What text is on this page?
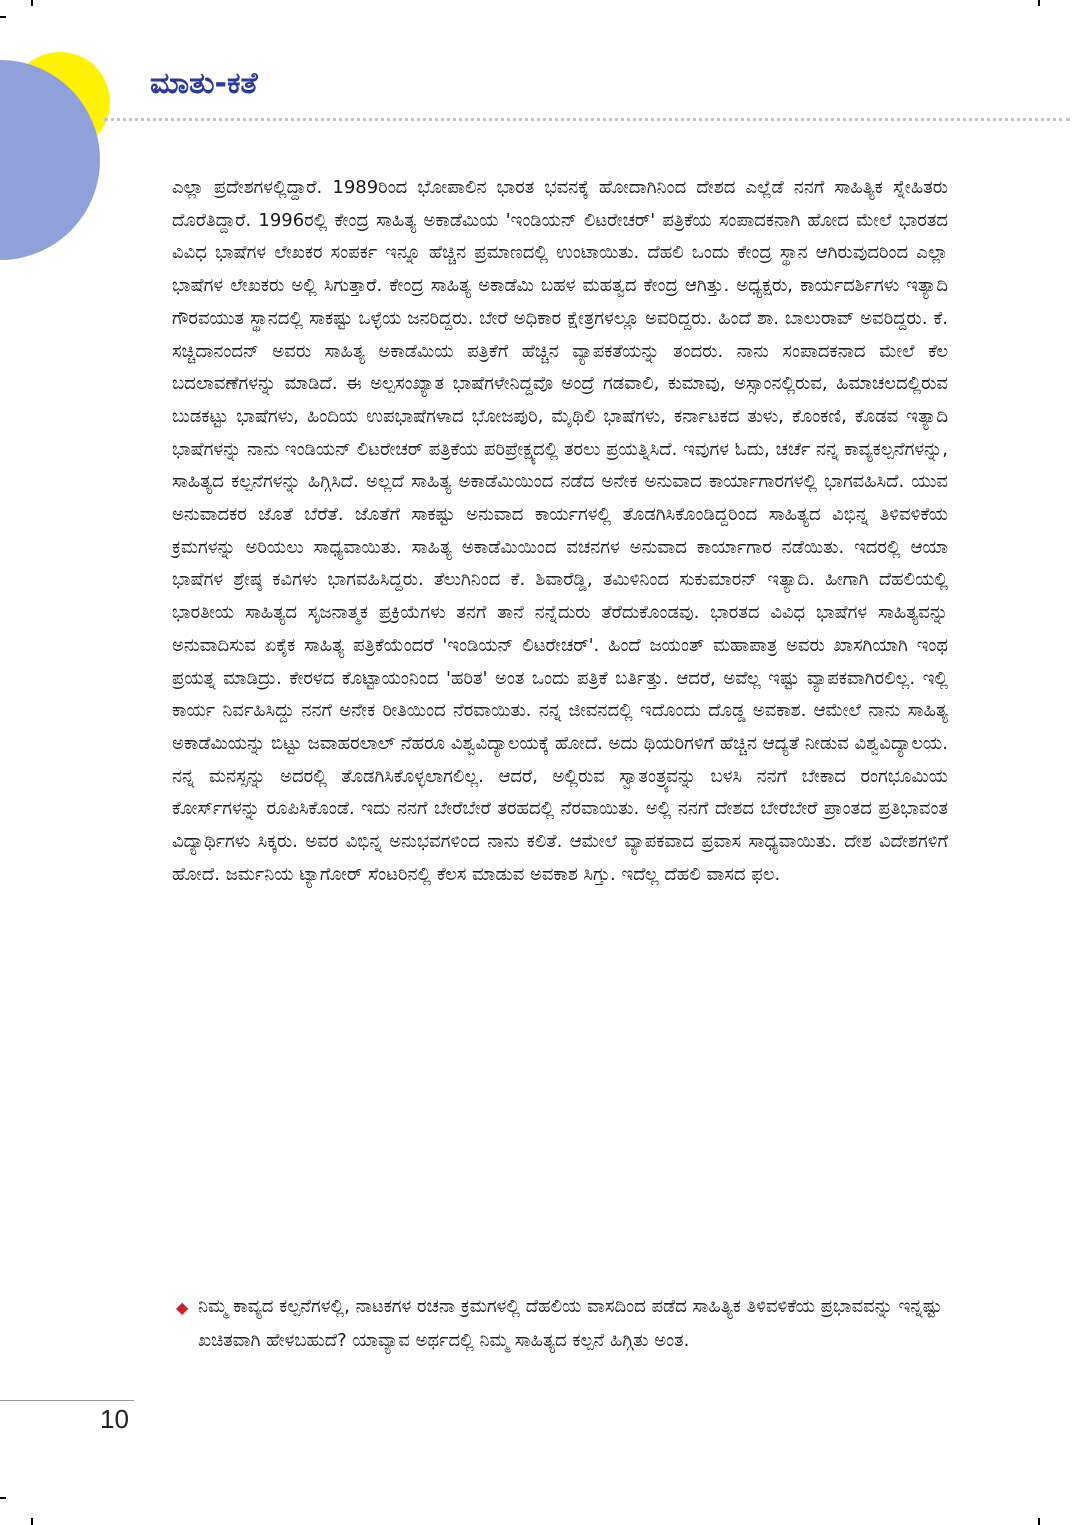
ಮಾತು-ಕತೆ

ಎಲ್ಲಾ ಪ್ರದೇಶಗಳಲ್ಲಿದ್ದಾರೆ. 1989ರಿಂದ ಭೋಪಾಲಿನ ಭಾರತ ಭವನಕ್ಕೆ ಹೋದಾಗಿನಿಂದ ದೇಶದ ಎಲ್ಲೆಡೆ ನನಗೆ ಸಾಹಿತ್ಯಿಕ ಸ್ನೇಹಿತರು ದೊರೆತಿದ್ದಾರೆ. 1996ರಲ್ಲಿ ಕೇಂದ್ರ ಸಾಹಿತ್ಯ ಅಕಾಡೆಮಿಯ 'ಇಂಡಿಯನ್ ಲಿಟರೇಚರ್' ಪತ್ರಿಕೆಯ ಸಂಪಾದಕನಾಗಿ ಹೋದ ಮೇಲೆ ಭಾರತದ ವಿವಿಧ ಭಾಷೆಗಳ ಲೇಖಕರ ಸಂಪರ್ಕ ಇನ್ನೂ ಹೆಚ್ಚಿನ ಪ್ರಮಾಣದಲ್ಲಿ ಉಂಟಾಯಿತು. ದೆಹಲಿ ಒಂದು ಕೇಂದ್ರ ಸ್ಥಾನ ಆಗಿರುವುದರಿಂದ ಎಲ್ಲಾ ಭಾಷೆಗಳ ಲೇಖಕರು ಅಲ್ಲಿ ಸಿಗುತ್ತಾರೆ. ಕೇಂದ್ರ ಸಾಹಿತ್ಯ ಅಕಾಡೆಮಿ ಬಹಳ ಮಹತ್ವದ ಕೇಂದ್ರ ಆಗಿತ್ತು. ಅಧ್ಯಕ್ಷರು, ಕಾರ್ಯದರ್ಶಿಗಳು ಇತ್ಯಾದಿ ಗೌರವಯುತ ಸ್ಥಾನದಲ್ಲಿ ಸಾಕಷ್ಟು ಒಳ್ಳೆಯ ಜನರಿದ್ದರು. ಬೇರೆ ಅಧಿಕಾರ ಕ್ಷೇತ್ರಗಳಲ್ಲೂ ಅವರಿದ್ದರು. ಹಿಂದೆ ಶಾ. ಬಾಲುರಾವ್ ಅವರಿದ್ದರು. ಕೆ. ಸಚ್ಚಿದಾನಂದನ್ ಅವರು ಸಾಹಿತ್ಯ ಅಕಾಡೆಮಿಯ ಪತ್ರಿಕೆಗೆ ಹೆಚ್ಚಿನ ವ್ಯಾಪಕತೆಯನ್ನು ತಂದರು. ನಾನು ಸಂಪಾದಕನಾದ ಮೇಲೆ ಕೆಲ ಬದಲಾವಣೆಗಳನ್ನು ಮಾಡಿದೆ. ಈ ಅಲ್ಪಸಂಖ್ಯಾತ ಭಾಷೆಗಳೇನಿದ್ದವೊ ಅಂದ್ರೆ ಗಡವಾಲಿ, ಕುಮಾವು, ಅಸ್ಸಾಂನಲ್ಲಿರುವ, ಹಿಮಾಚಲದಲ್ಲಿರುವ ಬುಡಕಟ್ಟು ಭಾಷೆಗಳು, ಹಿಂದಿಯ ಉಪಭಾಷೆಗಳಾದ ಭೋಜಪುರಿ, ಮೈಥಿಲಿ ಭಾಷೆಗಳು, ಕರ್ನಾಟಕದ ತುಳು, ಕೊಂಕಣಿ, ಕೊಡವ ಇತ್ಯಾದಿ ಭಾಷೆಗಳನ್ನು ನಾನು ಇಂಡಿಯನ್ ಲಿಟರೇಚರ್ ಪತ್ರಿಕೆಯ ಪರಿಪ್ರೇಕ್ಷ್ಯದಲ್ಲಿ ತರಲು ಪ್ರಯತ್ನಿಸಿದೆ. ಇವುಗಳ ಓದು, ಚರ್ಚೆ ನನ್ನ ಕಾವ್ಯಕಲ್ಪನೆಗಳನ್ನು, ಸಾಹಿತ್ಯದ ಕಲ್ಪನೆಗಳನ್ನು ಹಿಗ್ಗಿಸಿದೆ. ಅಲ್ಲದೆ ಸಾಹಿತ್ಯ ಅಕಾಡೆಮಿಯಿಂದ ನಡೆದ ಅನೇಕ ಅನುವಾದ ಕಾರ್ಯಾಗಾರಗಳಲ್ಲಿ ಭಾಗವಹಿಸಿದೆ. ಯುವ ಅನುವಾದಕರ ಜೊತೆ ಬೆರೆತೆ. ಜೊತೆಗೆ ಸಾಕಷ್ಟು ಅನುವಾದ ಕಾರ್ಯಗಳಲ್ಲಿ ತೊಡಗಿಸಿಕೊಂಡಿದ್ದರಿಂದ ಸಾಹಿತ್ಯದ ವಿಭಿನ್ನ ತಿಳಿವಳಿಕೆಯ ಕ್ರಮಗಳನ್ನು ಅರಿಯಲು ಸಾಧ್ಯವಾಯಿತು. ಸಾಹಿತ್ಯ ಅಕಾಡೆಮಿಯಿಂದ ವಚನಗಳ ಅನುವಾದ ಕಾರ್ಯಾಗಾರ ನಡೆಯಿತು. ಇದರಲ್ಲಿ ಆಯಾ ಭಾಷೆಗಳ ಶ್ರೇಷ್ಠ ಕವಿಗಳು ಭಾಗವಹಿಸಿದ್ದರು. ತೆಲುಗಿನಿಂದ ಕೆ. ಶಿವಾರೆಡ್ಡಿ, ತಮಿಳಿನಿಂದ ಸುಕುಮಾರನ್ ಇತ್ಯಾದಿ. ಹೀಗಾಗಿ ದೆಹಲಿಯಲ್ಲಿ ಭಾರತೀಯ ಸಾಹಿತ್ಯದ ಸೃಜನಾತ್ಮಕ ಪ್ರಕ್ರಿಯೆಗಳು ತನಗೆ ತಾನೆ ನನ್ನೆದುರು ತೆರೆದುಕೊಂಡವು. ಭಾರತದ ವಿವಿಧ ಭಾಷೆಗಳ ಸಾಹಿತ್ಯವನ್ನು ಅನುವಾದಿಸುವ ಏಕೈಕ ಸಾಹಿತ್ಯ ಪತ್ರಿಕೆಯೆಂದರೆ 'ಇಂಡಿಯನ್ ಲಿಟರೇಚರ್'. ಹಿಂದೆ ಜಯಂತ್ ಮಹಾಪಾತ್ರ ಅವರು ಖಾಸಗಿಯಾಗಿ ಇಂಥ ಪ್ರಯತ್ನ ಮಾಡಿದ್ರು. ಕೇರಳದ ಕೊಟ್ಟಾಯಂನಿಂದ 'ಹರಿತ' ಅಂತ ಒಂದು ಪತ್ರಿಕೆ ಬರ್ತಿತ್ತು. ಆದರೆ, ಅವೆಲ್ಲ ಇಷ್ಟು ವ್ಯಾಪಕವಾಗಿರಲಿಲ್ಲ. ಇಲ್ಲಿ ಕಾರ್ಯ ನಿರ್ವಹಿಸಿದ್ದು ನನಗೆ ಅನೇಕ ರೀತಿಯಿಂದ ನೆರವಾಯಿತು. ನನ್ನ ಜೀವನದಲ್ಲಿ ಇದೊಂದು ದೊಡ್ಡ ಅವಕಾಶ. ಆಮೇಲೆ ನಾನು ಸಾಹಿತ್ಯ ಅಕಾಡೆಮಿಯನ್ನು ಬಿಟ್ಟು ಜವಾಹರಲಾಲ್ ನೆಹರೂ ವಿಶ್ವವಿದ್ಯಾಲಯಕ್ಕೆ ಹೋದೆ. ಅದು ಥಿಯರಿಗಳಿಗೆ ಹೆಚ್ಚಿನ ಆದ್ಯತೆ ನೀಡುವ ವಿಶ್ವವಿದ್ಯಾಲಯ. ನನ್ನ ಮನಸ್ಸನ್ನು ಅದರಲ್ಲಿ ತೊಡಗಿಸಿಕೊಳ್ಳಲಾಗಲಿಲ್ಲ. ಆದರೆ, ಅಲ್ಲಿರುವ ಸ್ವಾತಂತ್ರ್ಯವನ್ನು ಬಳಸಿ ನನಗೆ ಬೇಕಾದ ರಂಗಭೂಮಿಯ ಕೋರ್ಸ್‌ಗಳನ್ನು ರೂಪಿಸಿಕೊಂಡೆ. ಇದು ನನಗೆ ಬೇರೆಬೇರೆ ತರಹದಲ್ಲಿ ನೆರವಾಯಿತು. ಅಲ್ಲಿ ನನಗೆ ದೇಶದ ಬೇರೆಬೇರೆ ಪ್ರಾಂತದ ಪ್ರತಿಭಾವಂತ ವಿದ್ಯಾರ್ಥಿಗಳು ಸಿಕ್ಕರು. ಅವರ ವಿಭಿನ್ನ ಅನುಭವಗಳಿಂದ ನಾನು ಕಲಿತೆ. ಆಮೇಲೆ ವ್ಯಾಪಕವಾದ ಪ್ರವಾಸ ಸಾಧ್ಯವಾಯಿತು. ದೇಶ ವಿದೇಶಗಳಿಗೆ ಹೋದೆ. ಜರ್ಮನಿಯ ಟ್ಯಾಗೋರ್ ಸೆಂಟರಿನಲ್ಲಿ ಕೆಲಸ ಮಾಡುವ ಅವಕಾಶ ಸಿಗ್ತು. ಇದೆಲ್ಲ ದೆಹಲಿ ವಾಸದ ಫಲ.

◆ ನಿಮ್ಮ ಕಾವ್ಯದ ಕಲ್ಪನೆಗಳಲ್ಲಿ, ನಾಟಕಗಳ ರಚನಾ ಕ್ರಮಗಳಲ್ಲಿ ದೆಹಲಿಯ ವಾಸದಿಂದ ಪಡೆದ ಸಾಹಿತ್ಯಿಕ ತಿಳಿವಳಿಕೆಯ ಪ್ರಭಾವವನ್ನು ಇನ್ನಷ್ಟು ಖಚಿತವಾಗಿ ಹೇಳಬಹುದೆ? ಯಾವ್ಯಾವ ಅರ್ಥದಲ್ಲಿ ನಿಮ್ಮ ಸಾಹಿತ್ಯದ ಕಲ್ಪನೆ ಹಿಗ್ಗಿತು ಅಂತ.
10
